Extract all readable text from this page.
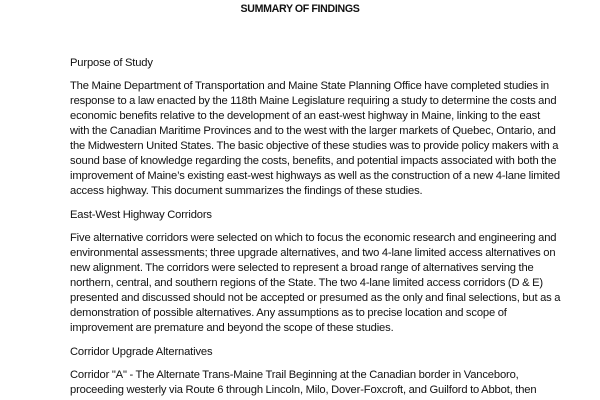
SUMMARY OF FINDINGS

Purpose of Study

The Maine Department of Transportation and Maine State Planning Office have completed studies in
response to a law enacted by the 118th Maine Legislature requiring a study to determine the costs and
economic benefits relative to the development of an east-west highway in Maine, linking to the east
with the Canadian Maritime Provinces and to the west with the larger markets of Quebec, Ontario, and
the Midwestern United States. The basic objective of these studies was to provide policy makers with a
sound base of knowledge regarding the costs, benefits, and potential impacts associated with both the
improvement of Maine’s existing east-west highways as well as the construction of a new 4-lane limited
access highway. This document summarizes the findings of these studies.

East-West Highway Corridors

Five alternative corridors were selected on which to focus the economic research and engineering and
environmental assessments; three upgrade alternatives, and two 4-lane limited access alternatives on
new alignment. The corridors were selected to represent a broad range of alternatives serving the
northern, central, and southern regions of the State. The two 4-lane limited access corridors (D & E)
presented and discussed should not be accepted or presumed as the only and final selections, but as a
demonstration of possible alternatives. Any assumptions as to precise location and scope of
improvement are premature and beyond the scope of these studies.

Corridor Upgrade Alternatives

Corridor "A" - The Alternate Trans-Maine Trail Beginning at the Canadian border in Vanceboro,
proceeding westerly via Route 6 through Lincoln, Milo, Dover-Foxcroft, and Guilford to Abbot, then
